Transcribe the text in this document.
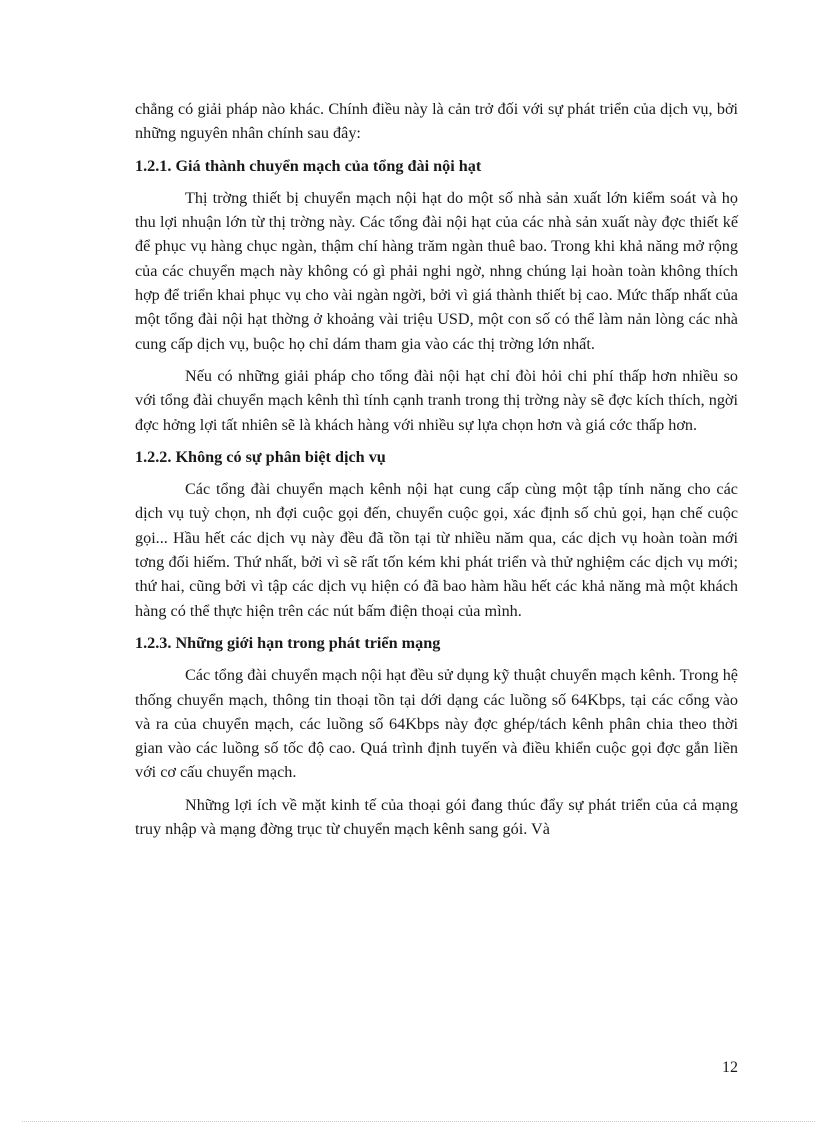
chẳng có giải pháp nào khác. Chính điều này là cản trở đối với sự phát triển của dịch vụ, bởi những nguyên nhân chính sau đây:

1.2.1. Giá thành chuyển mạch của tổng đài nội hạt

Thị trờng thiết bị chuyển mạch nội hạt do một số nhà sản xuất lớn kiểm soát và họ thu lợi nhuận lớn từ thị trờng này. Các tổng đài nội hạt của các nhà sản xuất này đợc thiết kế để phục vụ hàng chục ngàn, thậm chí hàng trăm ngàn thuê bao. Trong khi khả năng mở rộng của các chuyển mạch này không có gì phải nghi ngờ, nhng chúng lại hoàn toàn không thích hợp để triển khai phục vụ cho vài ngàn ngời, bởi vì giá thành thiết bị cao. Mức thấp nhất của một tổng đài nội hạt thờng ở khoảng vài triệu USD, một con số có thể làm nản lòng các nhà cung cấp dịch vụ, buộc họ chỉ dám tham gia vào các thị trờng lớn nhất.

Nếu có những giải pháp cho tổng đài nội hạt chỉ đòi hỏi chi phí thấp hơn nhiều so với tổng đài chuyển mạch kênh thì tính cạnh tranh trong thị trờng này sẽ đợc kích thích, ngời đợc hởng lợi tất nhiên sẽ là khách hàng với nhiều sự lựa chọn hơn và giá cớc thấp hơn.

1.2.2. Không có sự phân biệt dịch vụ

Các tổng đài chuyển mạch kênh nội hạt cung cấp cùng một tập tính năng cho các dịch vụ tuỳ chọn, nh đợi cuộc gọi đến, chuyển cuộc gọi, xác định số chủ gọi, hạn chế cuộc gọi... Hầu hết các dịch vụ này đều đã tồn tại từ nhiều năm qua, các dịch vụ hoàn toàn mới tơng đối hiếm. Thứ nhất, bởi vì sẽ rất tốn kém khi phát triển và thử nghiệm các dịch vụ mới; thứ hai, cũng bởi vì tập các dịch vụ hiện có đã bao hàm hầu hết các khả năng mà một khách hàng có thể thực hiện trên các nút bấm điện thoại của mình.

1.2.3. Những giới hạn trong phát triển mạng

Các tổng đài chuyển mạch nội hạt đều sử dụng kỹ thuật chuyển mạch kênh. Trong hệ thống chuyển mạch, thông tin thoại tồn tại dới dạng các luồng số 64Kbps, tại các cổng vào và ra của chuyển mạch, các luồng số 64Kbps này đợc ghép/tách kênh phân chia theo thời gian vào các luồng số tốc độ cao. Quá trình định tuyến và điều khiển cuộc gọi đợc gắn liền với cơ cấu chuyển mạch.

Những lợi ích về mặt kinh tế của thoại gói đang thúc đẩy sự phát triển của cả mạng truy nhập và mạng đờng trục từ chuyển mạch kênh sang gói. Và

12
